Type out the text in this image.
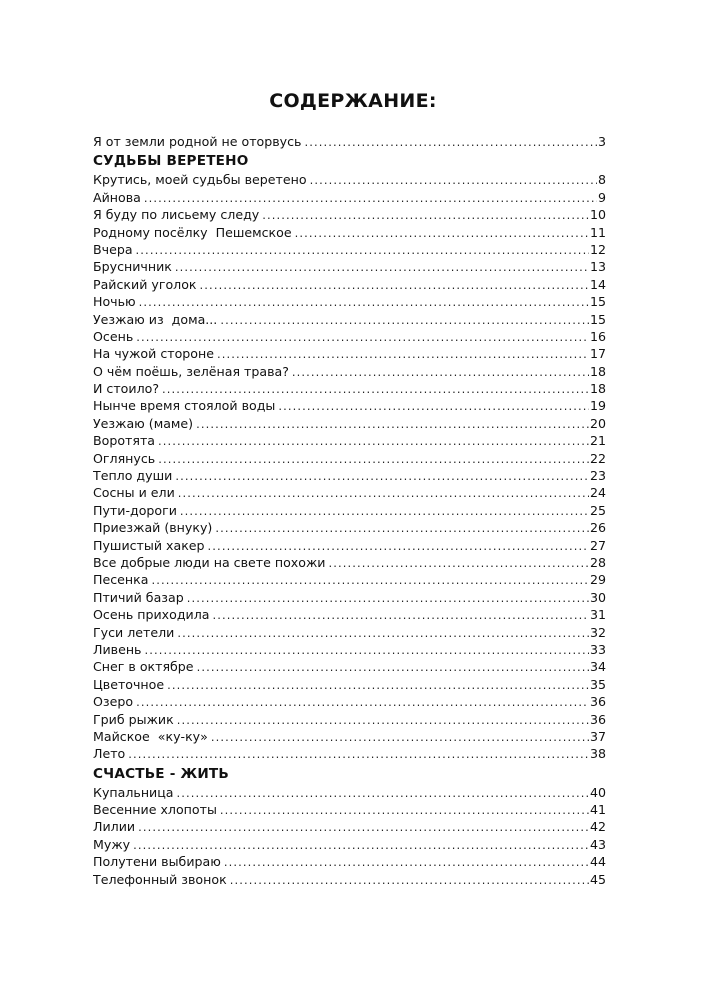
СОДЕРЖАНИЕ:
Я от земли родной не оторвусь .....	3
СУДЬБЫ ВЕРЕТЕНО
Крутись, моей судьбы веретено .....	8
Айнова .....	9
Я буду по лисьему следу .....	10
Родному посёлку  Пешемское .....	11
Вчера .....	12
Брусничник .....	13
Райский уголок .....	14
Ночью .....	15
Уезжаю из  дома... .....	15
Осень .....	16
На чужой стороне .....	17
О чём поёшь, зелёная трава? .....	18
И стоило? .....	18
Нынче время стоялой воды .....	19
Уезжаю (маме) .....	20
Воротята .....	21
Оглянусь .....	22
Тепло души .....	23
Сосны и ели .....	24
Пути-дороги .....	25
Приезжай (внуку) .....	26
Пушистый хакер .....	27
Все добрые люди на свете похожи .....	28
Песенка .....	29
Птичий базар .....	30
Осень приходила .....	31
Гуси летели .....	32
Ливень .....	33
Снег в октябре .....	34
Цветочное .....	35
Озеро .....	36
Гриб рыжик .....	36
Майское  «ку-ку» .....	37
Лето .....	38
СЧАСТЬЕ - ЖИТЬ
Купальница .....	40
Весенние хлопоты .....	41
Лилии .....	42
Мужу .....	43
Полутени выбираю .....	44
Телефонный звонок .....	45
